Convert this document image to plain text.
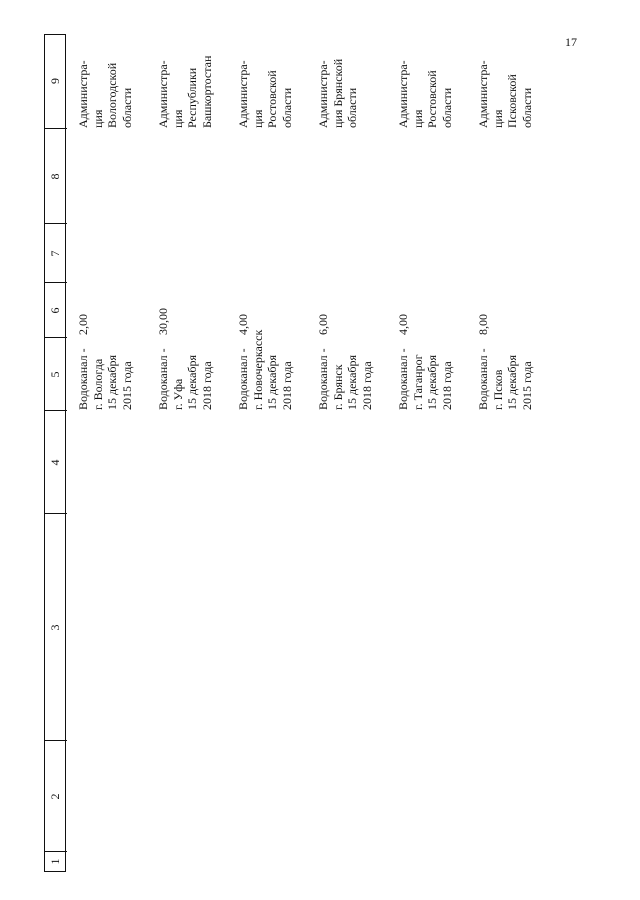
17
1
2
3
4
5
6
7
8
9
Водоканал - г. Вологда 15 декабря 2015 года
2,00
Администра- ция Вологодской области
Водоканал - г. Уфа 15 декабря 2018 года
30,00
Администра- ция Республики Башкортостан
Водоканал - г. Новочеркасск 15 декабря 2018 года
4,00
Администра- ция Ростовской области
Водоканал - г. Брянск 15 декабря 2018 года
6,00
Администра- ция Брянской области
Водоканал - г. Таганрог 15 декабря 2018 года
4,00
Администра- ция Ростовской области
Водоканал - г. Псков 15 декабря 2015 года
8,00
Администра- ция Псковской области
